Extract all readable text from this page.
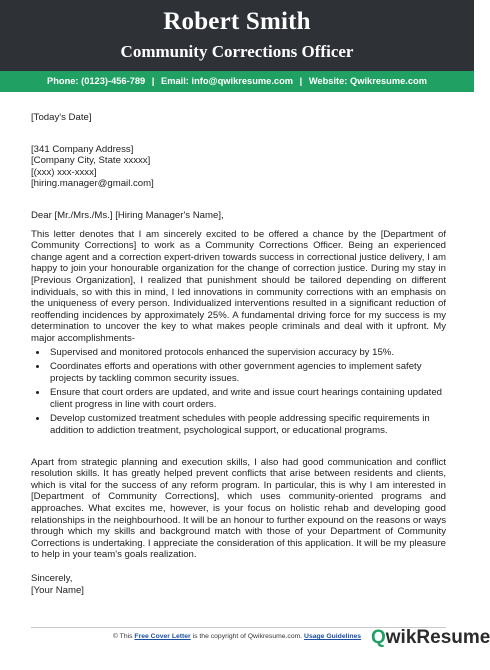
Robert Smith
Community Corrections Officer
Phone: (0123)-456-789 | Email: info@qwikresume.com | Website: Qwikresume.com

[Today's Date]

[341 Company Address]

[Company City, State xxxxx]

[(xxx) xxx-xxxx]

[hiring.manager@gmail.com]

Dear [Mr./Mrs./Ms.] [Hiring Manager's Name],

This letter denotes that I am sincerely excited to be offered a chance by the [Department of Community Corrections] to work as a Community Corrections Officer. Being an experienced change agent and a correction expert-driven towards success in correctional justice delivery, I am happy to join your honourable organization for the change of correction justice. During my stay in [Previous Organization], I realized that punishment should be tailored depending on different individuals, so with this in mind, I led innovations in community corrections with an emphasis on the uniqueness of every person. Individualized interventions resulted in a significant reduction of reoffending incidences by approximately 25%. A fundamental driving force for my success is my determination to uncover the key to what makes people criminals and deal with it upfront. My major accomplishments-

• Supervised and monitored protocols enhanced the supervision accuracy by 15%.
• Coordinates efforts and operations with other government agencies to implement safety projects by tackling common security issues.
• Ensure that court orders are updated, and write and issue court hearings containing updated client progress in line with court orders.
• Develop customized treatment schedules with people addressing specific requirements in addition to addiction treatment, psychological support, or educational programs.

Apart from strategic planning and execution skills, I also had good communication and conflict resolution skills. It has greatly helped prevent conflicts that arise between residents and clients, which is vital for the success of any reform program. In particular, this is why I am interested in [Department of Community Corrections], which uses community-oriented programs and approaches. What excites me, however, is your focus on holistic rehab and developing good relationships in the neighbourhood. It will be an honour to further expound on the reasons or ways through which my skills and background match with those of your Department of Community Corrections is undertaking. I appreciate the consideration of this application. It will be my pleasure to help in your team's goals realization.

Sincerely,

[Your Name]

© This Free Cover Letter is the copyright of Qwikresume.com. Usage Guidelines Q wikResume
